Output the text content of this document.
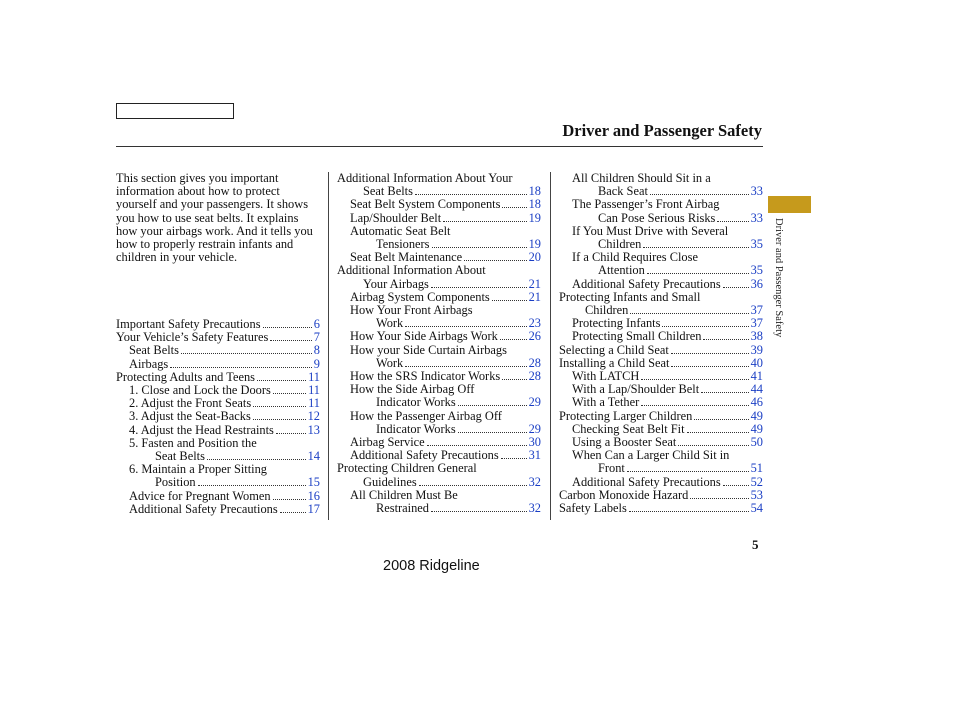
Driver and Passenger Safety
This section gives you important information about how to protect yourself and your passengers. It shows you how to use seat belts. It explains how your airbags work. And it tells you how to properly restrain infants and children in your vehicle.
Important Safety Precautions	6
Your Vehicle’s Safety Features	7
Seat Belts	8
Airbags	9
Protecting Adults and Teens	11
1. Close and Lock the Doors	11
2. Adjust the Front Seats	11
3. Adjust the Seat-Backs	12
4. Adjust the Head Restraints	13
5. Fasten and Position the
Seat Belts	14
6. Maintain a Proper Sitting
Position	15
Advice for Pregnant Women	16
Additional Safety Precautions 17
Additional Information About Your
Seat Belts	18
Seat Belt System Components 18
Lap/Shoulder Belt	19
Automatic Seat Belt
Tensioners	19
Seat Belt Maintenance	20
Additional Information About
Your Airbags	21
Airbag System Components	21
How Your Front Airbags
Work	23
How Your Side Airbags Work 26
How your Side Curtain Airbags
Work	28
How the SRS Indicator Works 28
How the Side Airbag Off
Indicator Works	29
How the Passenger Airbag Off
Indicator Works	29
Airbag Service	30
Additional Safety Precautions 31
Protecting Children General
Guidelines	32
All Children Must Be
Restrained	32
All Children Should Sit in a
Back Seat	33
The Passenger’s Front Airbag
Can Pose Serious Risks	33
If You Must Drive with Several
Children	35
If a Child Requires Close
Attention	35
Additional Safety Precautions 36
Protecting Infants and Small
Children	37
Protecting Infants	37
Protecting Small Children	38
Selecting a Child Seat	39
Installing a Child Seat	40
With LATCH	41
With a Lap/Shoulder Belt	44
With a Tether	46
Protecting Larger Children	49
Checking Seat Belt Fit	49
Using a Booster Seat	50
When Can a Larger Child Sit in
Front	51
Additional Safety Precautions 52
Carbon Monoxide Hazard	53
Safety Labels	54
Driver and Passenger Safety
5
2008 Ridgeline
